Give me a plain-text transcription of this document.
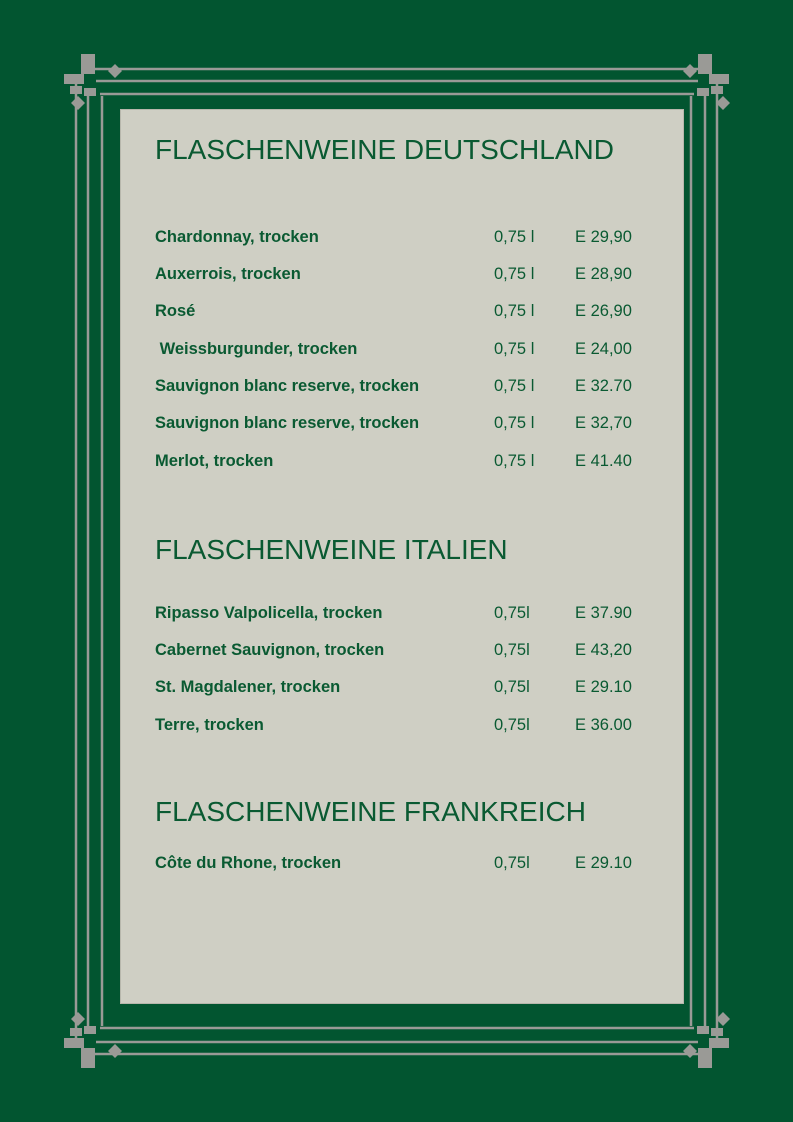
FLASCHENWEINE DEUTSCHLAND
Chardonnay, trocken	0,75 l E 29,90
Auxerrois, trocken	0,75 l E 28,90
Rosé	0,75 l E 26,90
Weissburgunder, trocken	0,75 l E 24,00
Sauvignon blanc reserve, trocken	0,75 l E 32.70
Sauvignon blanc reserve, trocken	0,75 l E 32,70
Merlot, trocken	0,75 l E 41.40
FLASCHENWEINE ITALIEN
Ripasso Valpolicella, trocken	0,75l	E 37.90
Cabernet Sauvignon, trocken	0,75l	E 43,20
St. Magdalener, trocken	0,75l	E 29.10
Terre, trocken	0,75l	E 36.00
FLASCHENWEINE FRANKREICH
Côte du Rhone, trocken	0,75l	E 29.10
